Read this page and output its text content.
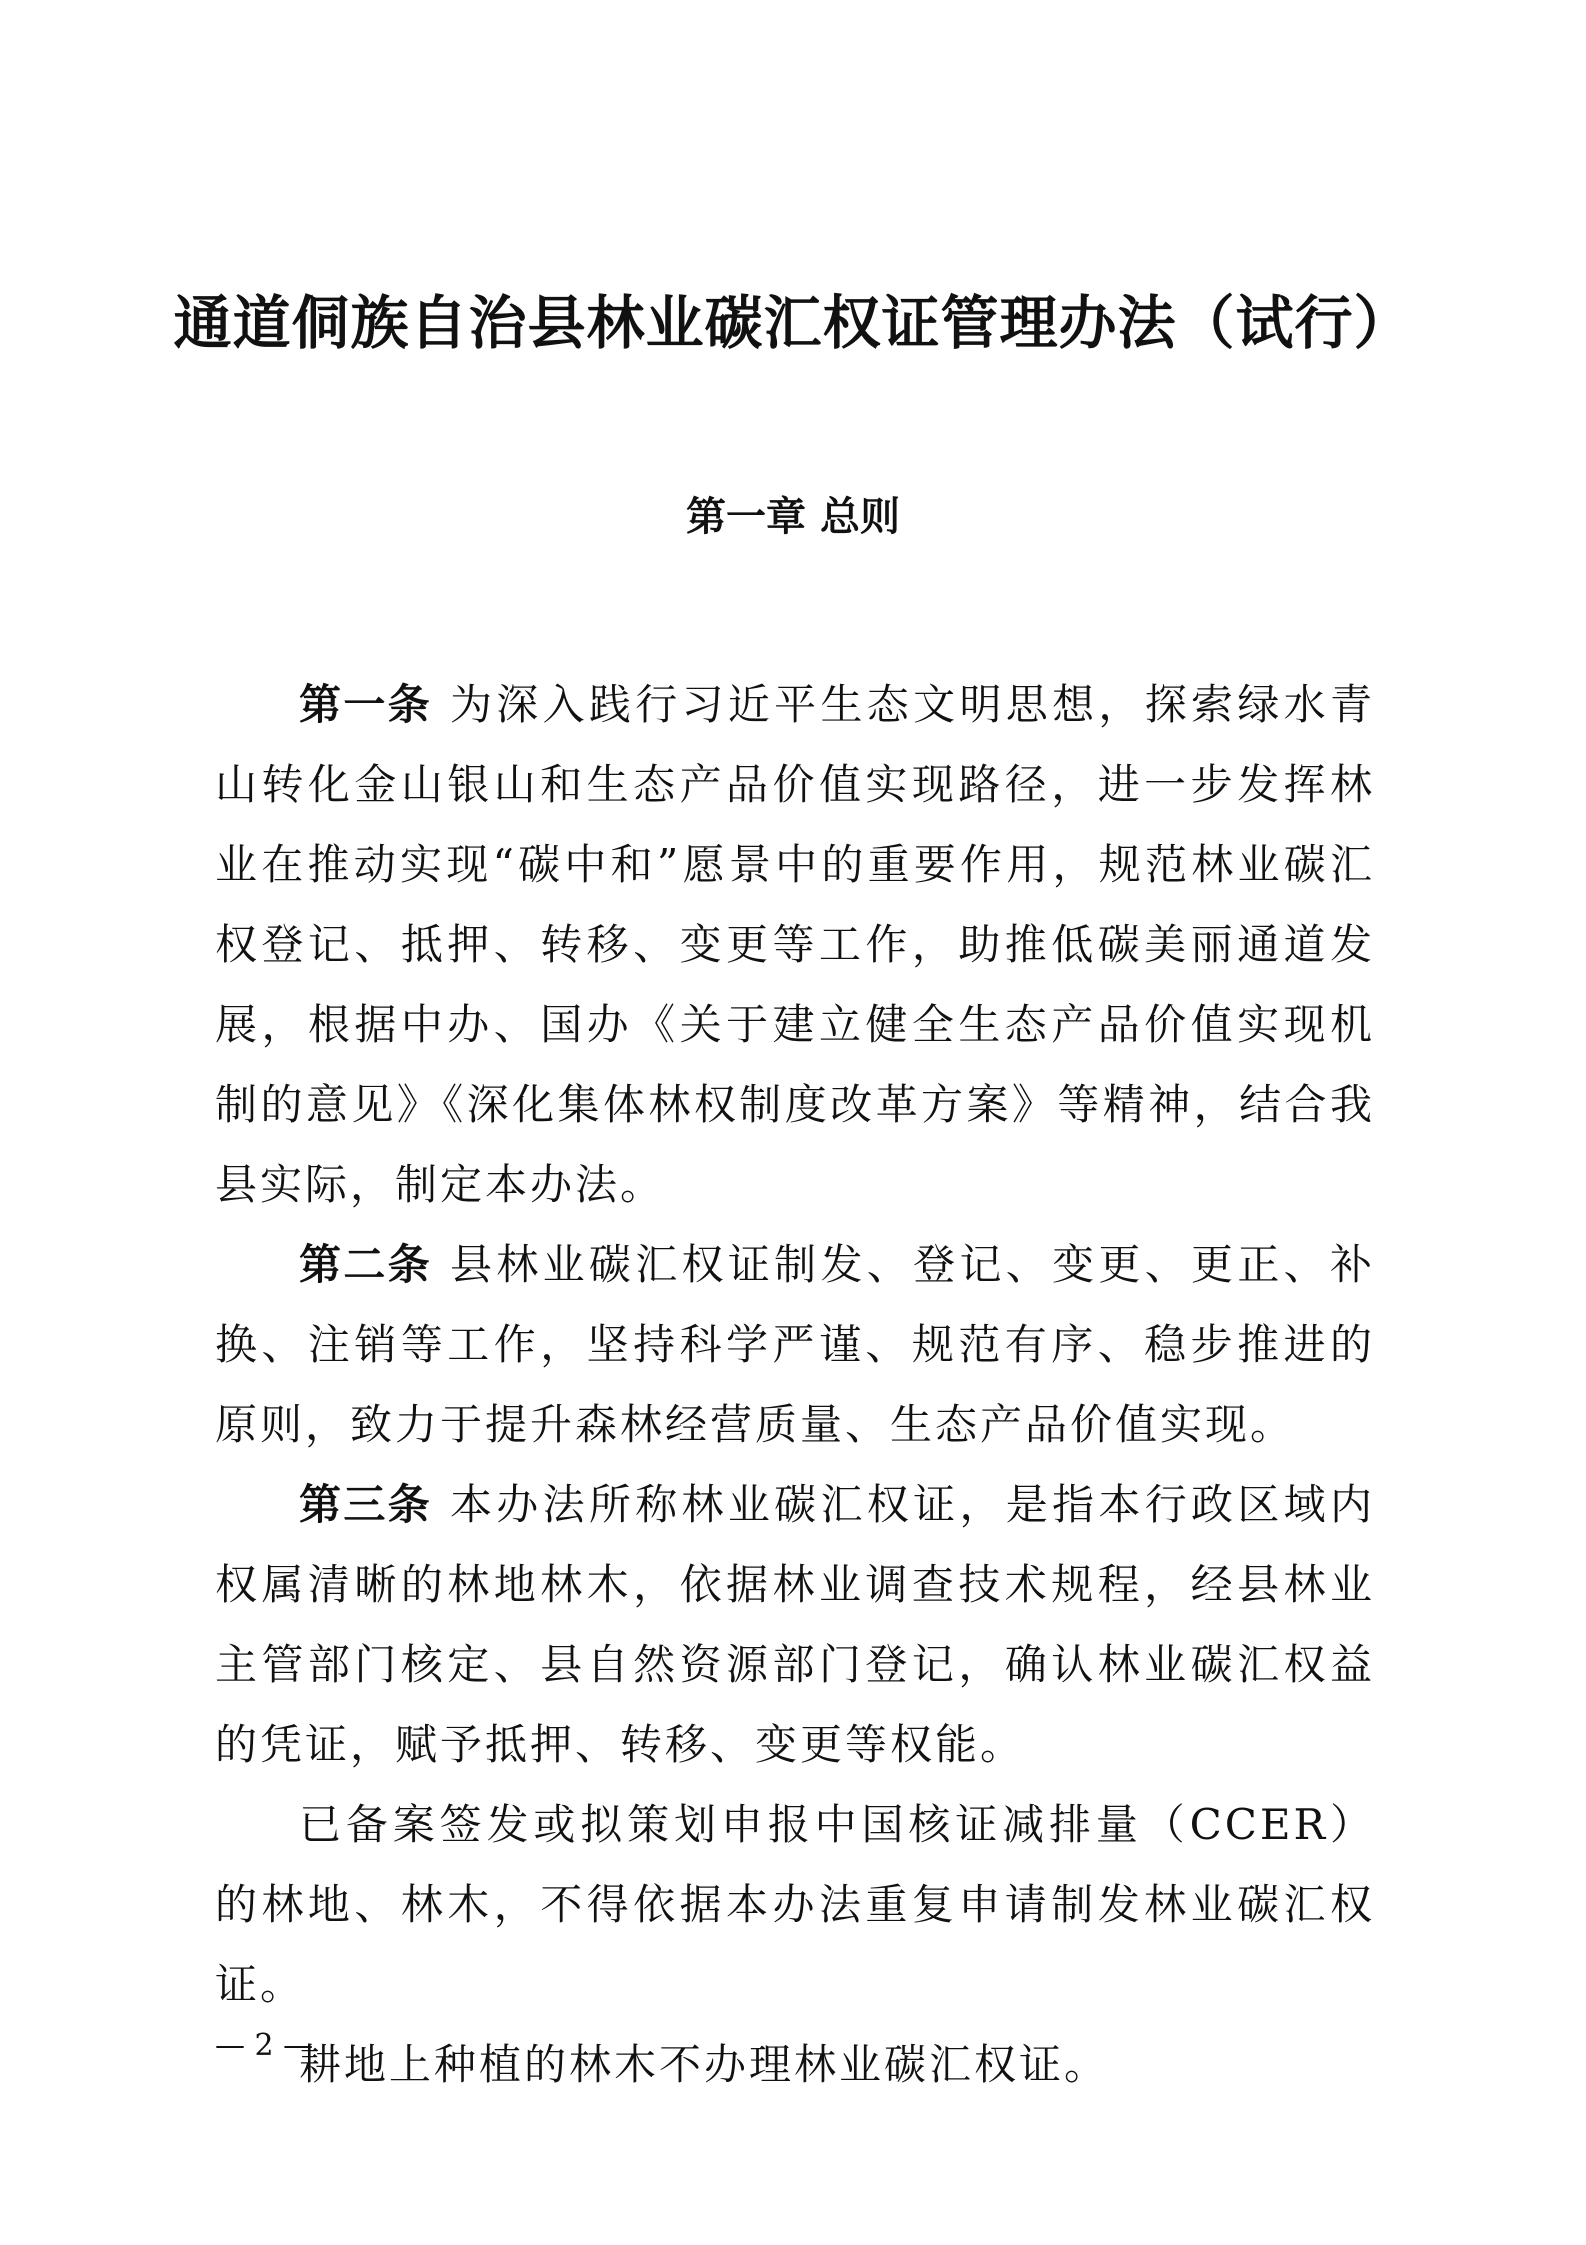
通道侗族自治县林业碳汇权证管理办法（试行）
第一章 总则

第一条 为深入践行习近平生态文明思想，探索绿水青山转化金山银山和生态产品价值实现路径，进一步发挥林业在推动实现“碳中和”愿景中的重要作用，规范林业碳汇权登记、抵押、转移、变更等工作，助推低碳美丽通道发展，根据中办、国办《关于建立健全生态产品价值实现机制的意见》《深化集体林权制度改革方案》等精神，结合我县实际，制定本办法。

第二条 县林业碳汇权证制发、登记、变更、更正、补换、注销等工作，坚持科学严谨、规范有序、稳步推进的原则，致力于提升森林经营质量、生态产品价值实现。

第三条 本办法所称林业碳汇权证，是指本行政区域内权属清晰的林地林木，依据林业调查技术规程，经县林业主管部门核定、县自然资源部门登记，确认林业碳汇权益的凭证，赋予抵押、转移、变更等权能。

已备案签发或拟策划申报中国核证减排量（CCER）的林地、林木，不得依据本办法重复申请制发林业碳汇权证。

耕地上种植的林木不办理林业碳汇权证。

— 2 —
